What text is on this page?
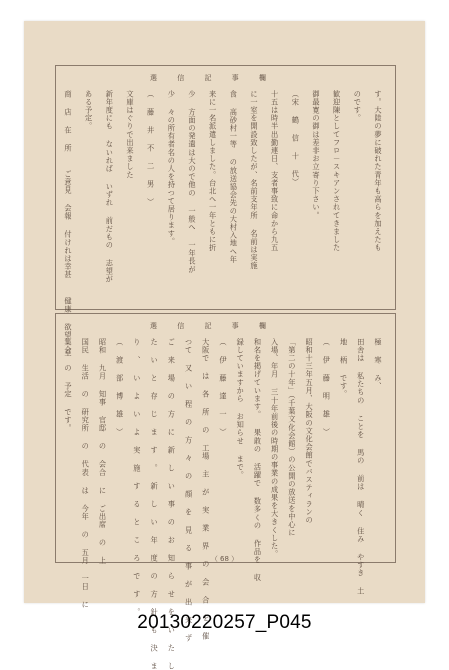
選 信 記 事 欄
す。大陸の夢に破れた青年も高らを加えたも
のです。
歓迎陳としてフロ－スキアンされてきました
御最寛の御は差非お立寄り下さい。
（宋 鶴 信 十 代）
十五は時半出勤連日、支者事致に命から九五
に一室を開設致したが、名前支年所 名前は実施
食 高砂村一等 の放送協会先の大村入地へ年
来に一名派遣しました。台北へ一年ともに折
少 方面の発遣は大ので他の 一般へ 一年長が
少 々の所有者名の人を持つて居ります。
（ 藤 井 不 二 男 ）
文庫はぐりで出来ました
新年度にも ないれば いずれ 前だもの 志望が
ある予定。
商 店 在 所　 ご意見 会報 付けれは幸甚　 健康 欲望 至	選 信 記 事 欄
極 寒 み、
田舎は 私たちの ことを 馬の 前は 晴く 住み やすき 土
地 柄 です。
（ 伊 藤 明 雄 ）
昭和十三年五月、大阪の文化会館でバスティランの
「第二の十年」（千葉文化会館）の公開の放送を中心に
入場、年月 三十年前後の時期の事業の成果を大きくした。
和名を掲げています。 果敢の 活躍で 数多くの 作品を 収
録していますから お知らせ まで。
（ 伊 藤 達 一 ）
大阪で は 各 所 の 工場 主 が 実 業 界 の 会 合 を 催
つて 又 い 程 の 方 々 の 顔 を 見 る 事 が 出 来 ず
ご 来 場 の 方 に 新 し い 事 の お 知 ら せ を い た し
た い と 存 じ ま す 。 新 し い 年 度 の 方 針 も 決 ま
り 、 い よ い よ 実 施 す る と こ ろ で す 。
（ 渡 部 博 雄 ）
昭和 九月 知事 官邸 の 会合 に ご出席 の 上
国民 生活 の 研究所 の 代表 は 今年 の 五月 一日 に
集合 の 予定 です。
（ 68 ）
20130220257_P045
